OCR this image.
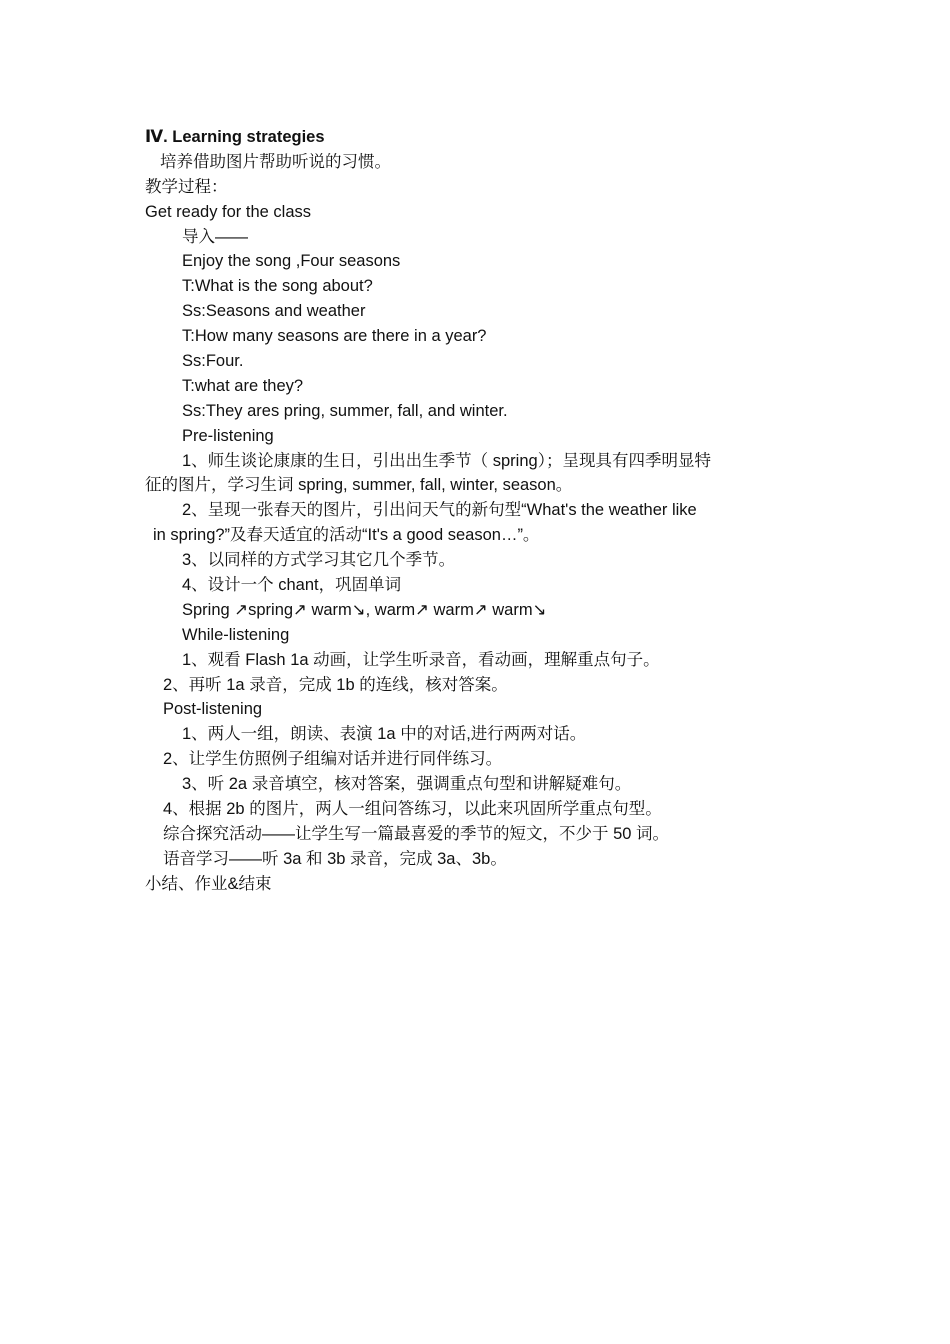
Ⅳ. Learning strategies
培养借助图片帮助听说的习惯。
教学过程：
Get ready for the class
导入——
Enjoy the song ,Four seasons
T:What is the song about?
Ss:Seasons and weather
T:How many seasons are there in a year?
Ss:Four.
T:what are they?
Ss:They ares pring, summer, fall, and winter.
Pre-listening
1、师生谈论康康的生日，引出出生季节（ spring）；呈现具有四季明显特
征的图片，学习生词 spring, summer, fall, winter, season。
2、呈现一张春天的图片，引出问天气的新句型“What's the weather like
in spring?”及春天适宜的活动“It's a good season…”。
3、以同样的方式学习其它几个季节。
4、设计一个 chant，巩固单词
Spring ↗spring↗ warm↘, warm↗ warm↗ warm↘
While-listening
1、观看 Flash 1a 动画，让学生听录音，看动画，理解重点句子。
2、再听 1a 录音，完成 1b 的连线，核对答案。
Post-listening
1、两人一组，朗读、表演 1a 中的对话,进行两两对话。
2、让学生仿照例子组编对话并进行同伴练习。
3、听 2a 录音填空，核对答案，强调重点句型和讲解疑难句。
4、根据 2b 的图片，两人一组问答练习，以此来巩固所学重点句型。
综合探究活动——让学生写一篇最喜爱的季节的短文，不少于 50 词。
语音学习——听 3a 和 3b 录音，完成 3a、3b。
小结、作业&结束
